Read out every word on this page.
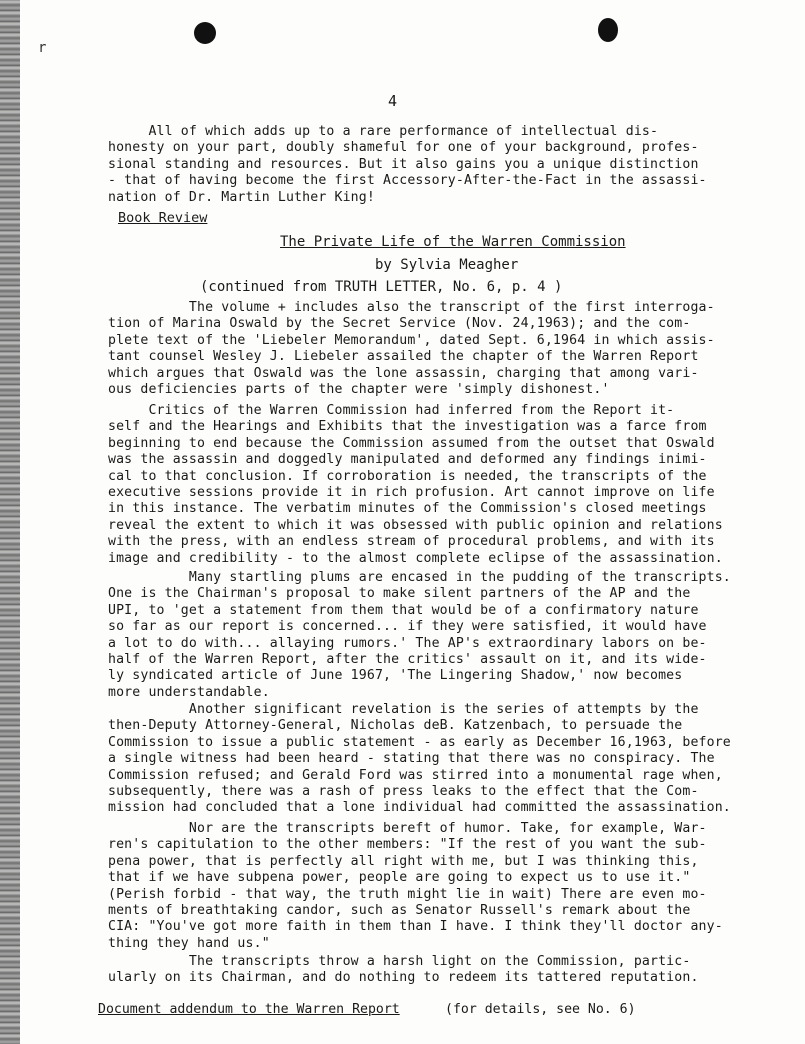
r
4
All of which adds up to a rare performance of intellectual dis-
honesty on your part, doubly shameful for one of your background, profes-
sional standing and resources. But it also gains you a unique distinction
- that of having become the first Accessory-After-the-Fact in the assassi-
nation of Dr. Martin Luther King!
Book Review
The Private Life of the Warren Commission
by Sylvia Meagher
(continued from TRUTH LETTER, No. 6, p. 4 )
The volume + includes also the transcript of the first interroga-
tion of Marina Oswald by the Secret Service (Nov. 24,1963); and the com-
plete text of the 'Liebeler Memorandum', dated Sept. 6,1964 in which assis-
tant counsel Wesley J. Liebeler assailed the chapter of the Warren Report
which argues that Oswald was the lone assassin, charging that among vari-
ous deficiencies parts of the chapter were 'simply dishonest.'
Critics of the Warren Commission had inferred from the Report it-
self and the Hearings and Exhibits that the investigation was a farce from
beginning to end because the Commission assumed from the outset that Oswald
was the assassin and doggedly manipulated and deformed any findings inimi-
cal to that conclusion. If corroboration is needed, the transcripts of the
executive sessions provide it in rich profusion. Art cannot improve on life
in this instance. The verbatim minutes of the Commission's closed meetings
reveal the extent to which it was obsessed with public opinion and relations
with the press, with an endless stream of procedural problems, and with its
image and credibility - to the almost complete eclipse of the assassination.
Many startling plums are encased in the pudding of the transcripts.
One is the Chairman's proposal to make silent partners of the AP and the
UPI, to 'get a statement from them that would be of a confirmatory nature
so far as our report is concerned... if they were satisfied, it would have
a lot to do with... allaying rumors.' The AP's extraordinary labors on be-
half of the Warren Report, after the critics' assault on it, and its wide-
ly syndicated article of June 1967, 'The Lingering Shadow,' now becomes
more understandable.
Another significant revelation is the series of attempts by the
then-Deputy Attorney-General, Nicholas deB. Katzenbach, to persuade the
Commission to issue a public statement - as early as December 16,1963, before
a single witness had been heard - stating that there was no conspiracy. The
Commission refused; and Gerald Ford was stirred into a monumental rage when,
subsequently, there was a rash of press leaks to the effect that the Com-
mission had concluded that a lone individual had committed the assassination.
Nor are the transcripts bereft of humor. Take, for example, War-
ren's capitulation to the other members: "If the rest of you want the sub-
pena power, that is perfectly all right with me, but I was thinking this,
that if we have subpena power, people are going to expect us to use it."
(Perish forbid - that way, the truth might lie in wait) There are even mo-
ments of breathtaking candor, such as Senator Russell's remark about the
CIA: "You've got more faith in them than I have. I think they'll doctor any-
thing they hand us."
The transcripts throw a harsh light on the Commission, partic-
ularly on its Chairman, and do nothing to redeem its tattered reputation.
Document addendum to the Warren Report	(for details, see No. 6)
